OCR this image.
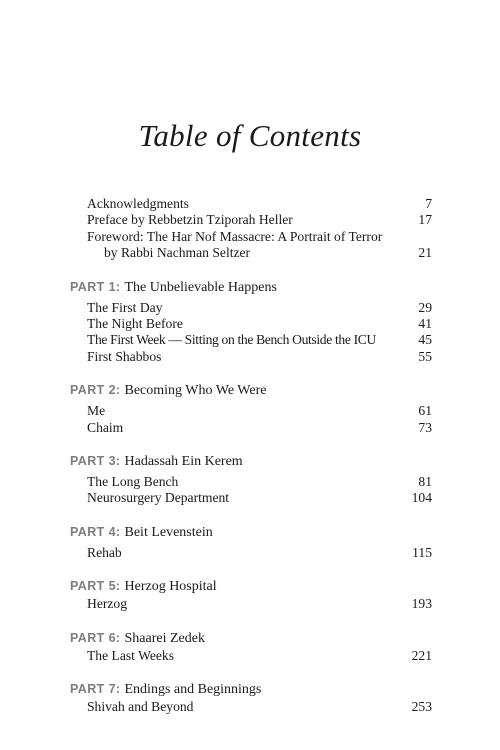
Table of Contents
Acknowledgments	7
Preface by Rebbetzin Tziporah Heller	17
Foreword: The Har Nof Massacre: A Portrait of Terror
by Rabbi Nachman Seltzer	21
PART 1: The Unbelievable Happens
The First Day	29
The Night Before	41
The First Week — Sitting on the Bench Outside the ICU	45
First Shabbos	55
PART 2: Becoming Who We Were
Me	61
Chaim	73
PART 3: Hadassah Ein Kerem
The Long Bench	81
Neurosurgery Department	104
PART 4: Beit Levenstein
Rehab	115
PART 5: Herzog Hospital
Herzog	193
PART 6: Shaarei Zedek
The Last Weeks	221
PART 7: Endings and Beginnings
Shivah and Beyond	253
